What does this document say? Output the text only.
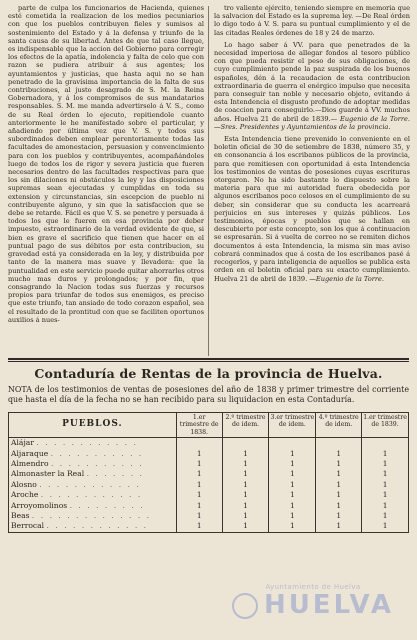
parte de culpa los funcionarios de Hacienda, quienes esté cometida la realizacion de los medios pecuniarios con que los pueblos contribuyen fieles y sumisos al sostenimiento del Estado y á la defensa y triunfo de la santa causa de su libertad. Antes de que tal caso llegue, es indispensable que la accion del Gobierno para corregir los efectos de la apatía, indolencia y falta de celo que con razon se pudiera atribuir á sus agentes; los ayuntamientos y justicias, que hasta aqui no se han penetrado de la gravísima importancia de la falta de sus contribuciones, al justo desagrado de S. M. la Reina Gobernadora, y á los compromisos de sus mandatarios responsables. S. M. me manda advertirselo á V. S., como de su Real órden lo ejecuto, repitiendole cuanto anteriormente le he manifestado sobre el particular, y añadiendo por última vez que V. S. y todos sus subordinados deben emplear perentoriamente todas las facultades de amonestacion, persuasion y convencimiento para con los pueblos y contribuyentes, acompañándoles luego de todos los de rigor y severa justicia que fueren necesarios dentro de las facultades respectivas para que los sin dilaciones ni obstáculos la ley y las disposiciones supremas sean ejecutadas y cumplidas en toda su extension y circunstancias, sin escepcion de pueblo ni contribuyente alguno, y sin que la satisfaccion que se debe se retarde. Fácil es que V. S. se penetre y persuada á todos los que le fueren en esa provincia por deber impuesto, estraordinario de la verdad evidente de que, si bien es grave el sacrificio que tienen que hacer en el puntual pago de sus débitos por esta contribucion, su gravedad está ya considerada en la ley, y distribuida por tanto de la manera mas suave y llevadera: que la puntualidad en este servicio puede quitar ahorrarles otros mucho mas duros y prolongados; y por fin, que consagrando la Nacion todas sus fuerzas y recursos propios para triunfar de todos sus enemigos, es preciso que este triunfo, tan ansiado de todo corazon español, sea el resultado de la prontitud con que se faciliten oportunos auxilios á nues-

tro valiente ejército, teniendo siempre en memoria que la salvacion del Estado es la suprema ley. —De Real órden lo digo todo á V. S. para su puntual cumplimiento y el de las citadas Reales órdenes de 18 y 24 de marzo.

Lo hago saber á VV. para que penetrados de la necesidad imperiosa de allegar fondos al tesoro público con que pueda resistir el peso de sus obligaciones, de cuyo cumplimiento pende la paz suspirada de los buenos españoles, dén á la recaudacion de esta contribucion extraordinaria de guerra el enérgico impulso que necesita para conseguir tan noble y necesario objeto, evitando á esta Intendencia el disgusto profundo de adoptar medidas de coaccion para conseguirlo.—Dios guarde á VV. muchos años. Huelva 21 de abril de 1839.— Eugenio de la Torre.—Sres. Presidentes y Ayuntamientos de la provincia.

Esta Intendencia tiene prevenido lo conveniente en el boletin oficial de 30 de setiembre de 1838, número 35, y en consonancia á los escribanos públicos de la provincia, para que remitiesen con oportunidad á esta Intendencia los testimonios de ventas de posesiones cuyas escrituras otorgaron. No ha sido bastante lo dispuesto sobre la materia para que mi autoridad fuera obedecida por algunos escribanos poco celosos en el cumplimiento de su deber, sin considerar que su conducta les acarreará perjuicios en sus intereses y quizás públicos. Los testimonios, épocas y pueblos que se hallan en descubierto por este concepto, son los que á continuacion se espresarán. Si á vuelta de correo no se remiten dichos documentos á esta Intendencia, la misma sin mas aviso cobrará conminados que á costa de los escribanos pasé á recogerlos, y para inteligencia de aquellos se publica esta orden en el boletin oficial para su exacto cumplimiento. Huelva 21 de abril de 1839. —Eugenio de la Torre.

Contaduría de Rentas de la provincia de Huelva.
NOTA de los testimonios de ventas de posesiones del año de 1838 y primer trimestre del corriente que hasta el día de la fecha no se han recibido para su liquidacion en esta Contaduría.
PUEBLOS.	1.er trimestre de 1838.	2.º trimestre de idem.	3.er trimestre de idem.	4.º trimestre de idem.	1.er trimestre de 1839.
Alájar . . . . . . . . . . . .					
Aljaraque . . . . . . . . . . .	1	1	1	1	1
Almendro . . . . . . . . . . .	1	1	1	1	1
Almonaster la Real . . . . . . .	1	1	1	1	1
Alosno . . . . . . . . . . . .	1	1	1	1	1
Aroche . . . . . . . . . . . .	1	1	1	1	1
Arroyomolinos . . . . . . . . .	1	1	1	1	1
Beas . . . . . . . . . . . . . .	1	1	1	1	1
Berrocal . . . . . . . . . . . .	1	1	1	1	1
Ayuntamiento de Huelva
HUELVA
